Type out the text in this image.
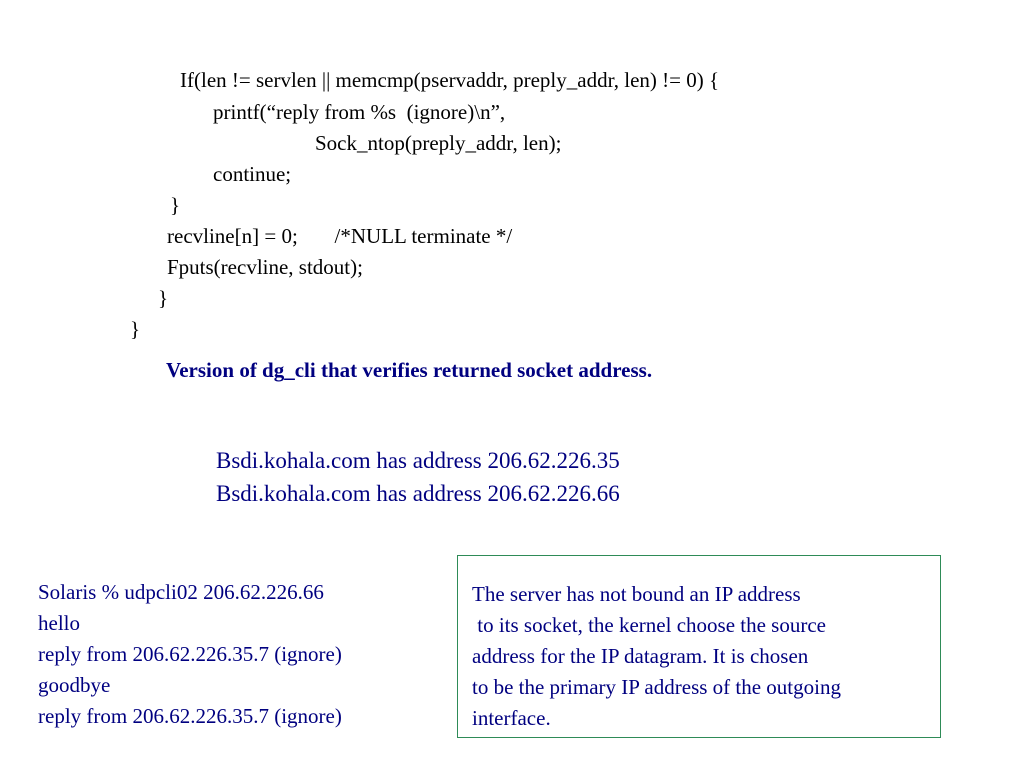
If(len != servlen || memcmp(pservaddr, preply_addr, len) != 0) {

printf(“reply from %s  (ignore)\n”,

Sock_ntop(preply_addr, len);

continue;

}

recvline[n] = 0;       /*NULL terminate */

Fputs(recvline, stdout);

}

}

Version of dg_cli that verifies returned socket address.

Bsdi.kohala.com has address 206.62.226.35

Bsdi.kohala.com has address 206.62.226.66

Solaris % udpcli02 206.62.226.66

hello

reply from 206.62.226.35.7 (ignore)

goodbye

reply from 206.62.226.35.7 (ignore)

The server has not bound an IP address

to its socket, the kernel choose the source

address for the IP datagram. It is chosen

to be the primary IP address of the outgoing

interface.
